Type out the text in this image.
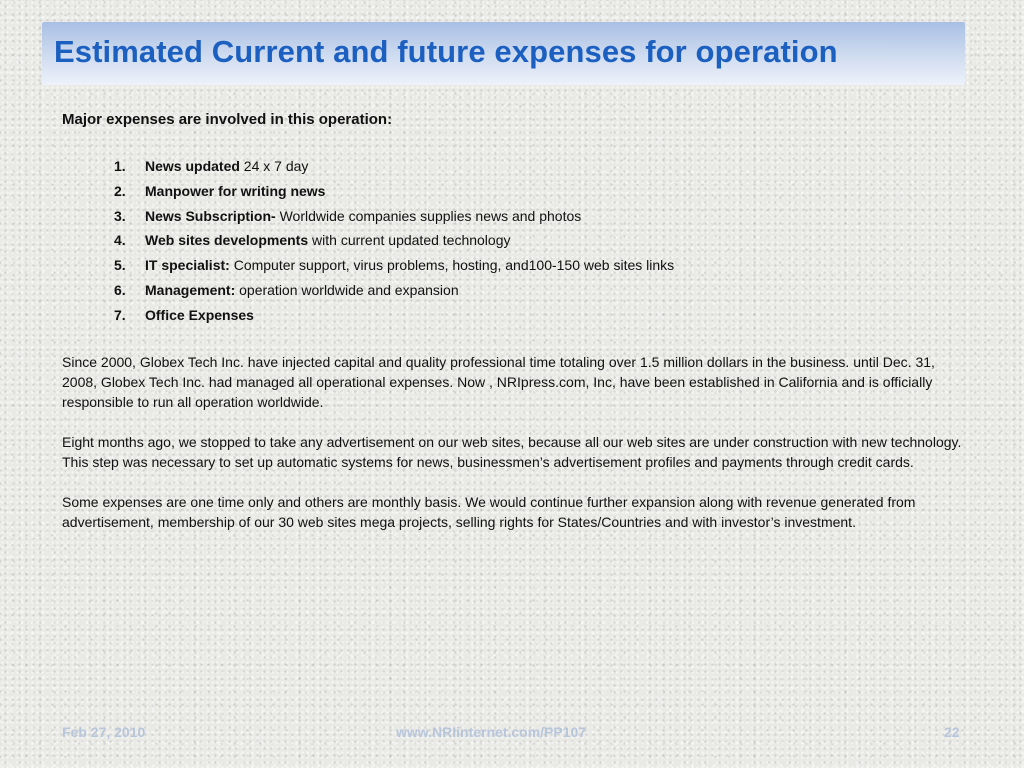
Estimated Current and future expenses for operation

Major expenses are involved in this operation:

1. News updated 24 x 7 day
2. Manpower for writing news
3. News Subscription- Worldwide companies supplies news and photos
4. Web sites developments with current updated technology
5. IT specialist: Computer support, virus problems, hosting, and100-150 web sites links
6. Management: operation worldwide and expansion
7. Office Expenses

Since 2000, Globex Tech Inc. have injected capital and quality professional time totaling over 1.5 million dollars in the business. until Dec. 31, 2008, Globex Tech Inc. had managed all operational expenses. Now , NRIpress.com, Inc, have been established in California and is officially responsible to run all operation worldwide.

Eight months ago, we stopped to take any advertisement on our web sites, because all our web sites are under construction with new technology. This step was necessary to set up automatic systems for news, businessmen’s advertisement profiles and payments through credit cards.

Some expenses are one time only and others are monthly basis. We would continue further expansion along with revenue generated from advertisement, membership of our 30 web sites mega projects, selling rights for States/Countries and with investor’s investment.

Feb 27, 2010	www.NRIinternet.com/PP107	22
